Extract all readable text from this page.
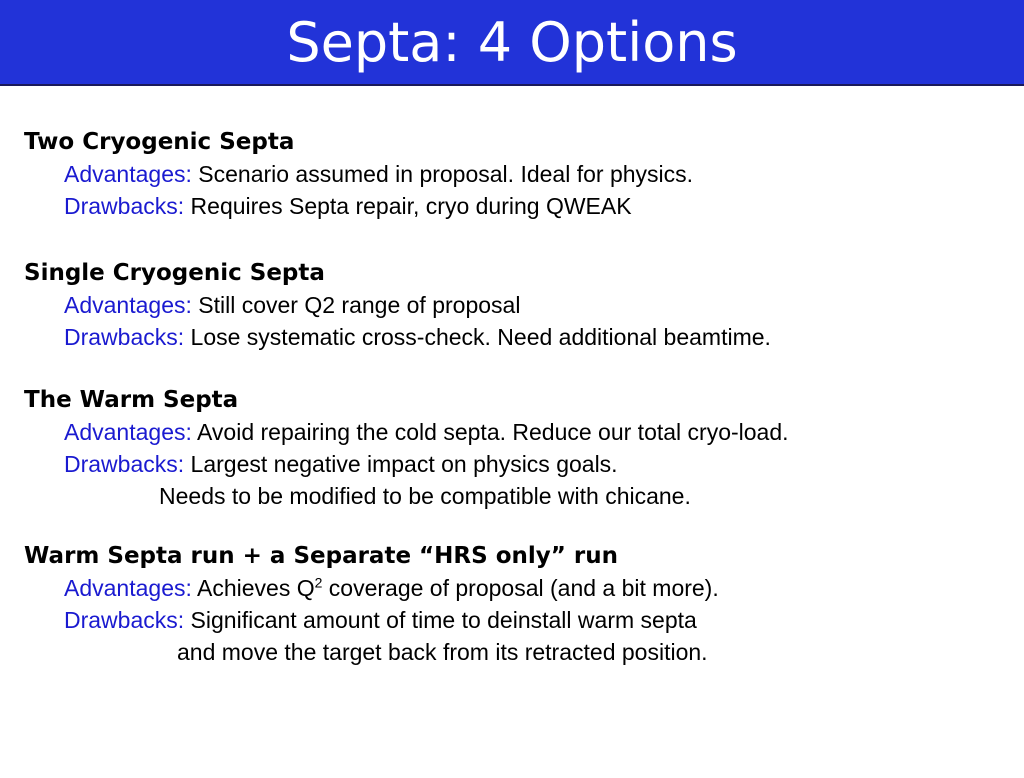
Septa: 4 Options
Two Cryogenic Septa
Advantages: Scenario assumed in proposal. Ideal for physics.
Drawbacks: Requires Septa repair, cryo during QWEAK
Single Cryogenic Septa
Advantages: Still cover Q2 range of proposal
Drawbacks: Lose systematic cross-check. Need additional beamtime.
The Warm Septa
Advantages: Avoid repairing the cold septa. Reduce our total cryo-load.
Drawbacks: Largest negative impact on physics goals.
Needs to be modified to be compatible with chicane.
Warm Septa run + a Separate “HRS only” run
Advantages: Achieves $Q^2$ coverage of proposal (and a bit more).
Drawbacks: Significant amount of time to deinstall warm septa
and move the target back from its retracted position.
